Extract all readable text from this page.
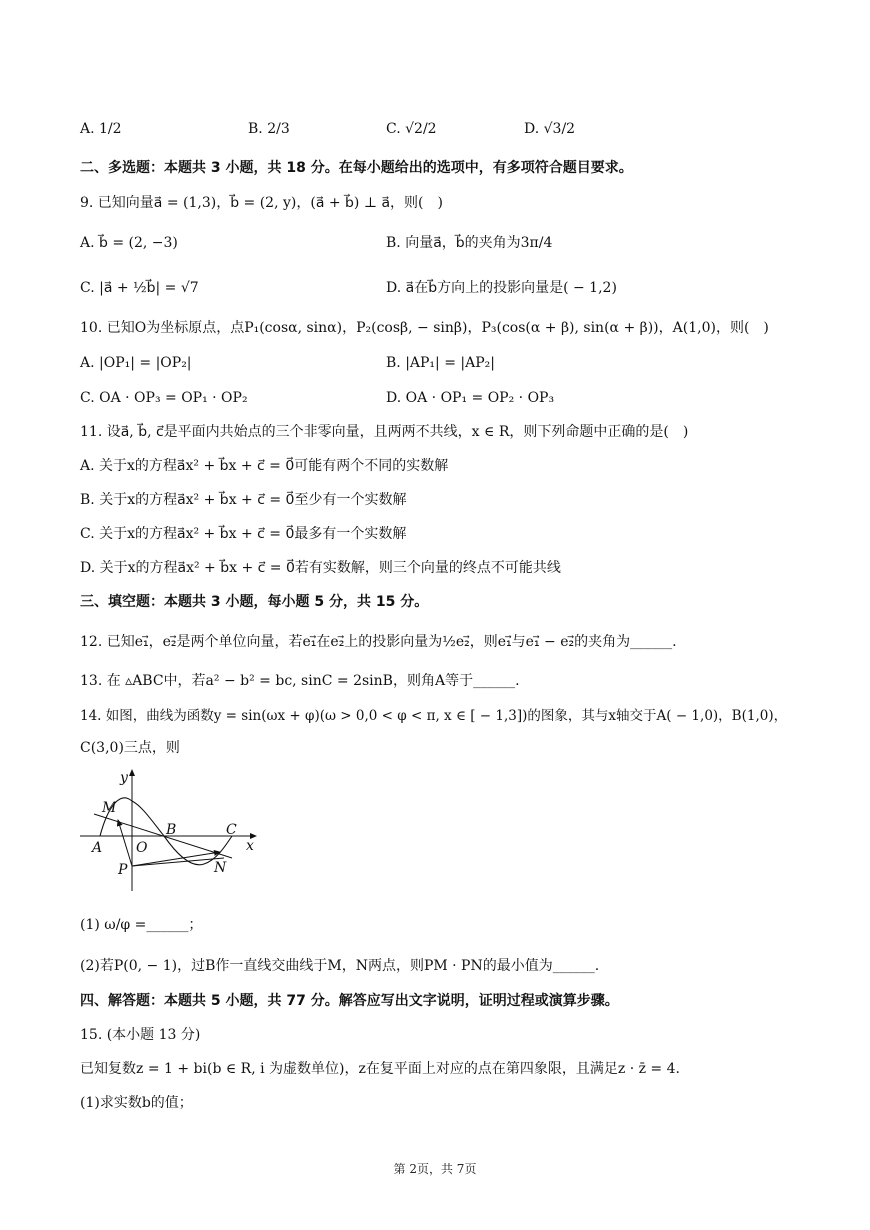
A. 1/2	B. 2/3	C. √2/2	D. √3/2
二、多选题：本题共 3 小题，共 18 分。在每小题给出的选项中，有多项符合题目要求。
9. 已知向量a⃗ = (1,3)，b⃗ = (2, y)，(a⃗ + b⃗) ⊥ a⃗，则(　)
A. b⃗ = (2, −3)	B. 向量a⃗，b⃗的夹角为3π/4
C. |a⃗ + ½b⃗| = √7	D. a⃗在b⃗方向上的投影向量是( − 1,2)
10. 已知O为坐标原点，点P₁(cosα, sinα)，P₂(cosβ, − sinβ)，P₃(cos(α + β), sin(α + β))，A(1,0)，则(　)
A. |OP₁| = |OP₂|	B. |AP₁| = |AP₂|
C. OA · OP₃ = OP₁ · OP₂	D. OA · OP₁ = OP₂ · OP₃
11. 设a⃗, b⃗, c⃗是平面内共始点的三个非零向量，且两两不共线，x ∈ R，则下列命题中正确的是(　)
A. 关于x的方程a⃗x² + b⃗x + c⃗ = 0⃗可能有两个不同的实数解
B. 关于x的方程a⃗x² + b⃗x + c⃗ = 0⃗至少有一个实数解
C. 关于x的方程a⃗x² + b⃗x + c⃗ = 0⃗最多有一个实数解
D. 关于x的方程a⃗x² + b⃗x + c⃗ = 0⃗若有实数解，则三个向量的终点不可能共线
三、填空题：本题共 3 小题，每小题 5 分，共 15 分。
12. 已知e₁⃗，e₂⃗是两个单位向量，若e₁⃗在e₂⃗上的投影向量为½e₂⃗，则e₁⃗与e₁⃗ − e₂⃗的夹角为______.
13. 在 ▵ABC中，若a² − b² = bc, sinC = 2sinB，则角A等于______.
14. 如图，曲线为函数y = sin(ωx + φ)(ω > 0,0 < φ < π, x ∈ [ − 1,3])的图象，其与x轴交于A( − 1,0)，B(1,0)，
C(3,0)三点，则
y
x
M
A O
B	C
P	N
(1) ω/φ =______；
(2)若P(0, − 1)，过B作一直线交曲线于M，N两点，则PM · PN的最小值为______.
四、解答题：本题共 5 小题，共 77 分。解答应写出文字说明，证明过程或演算步骤。
15. (本小题 13 分)
已知复数z = 1 + bi(b ∈ R, i 为虚数单位)，z在复平面上对应的点在第四象限，且满足z · z̄ = 4.
(1)求实数b的值；
第 2页，共 7页
